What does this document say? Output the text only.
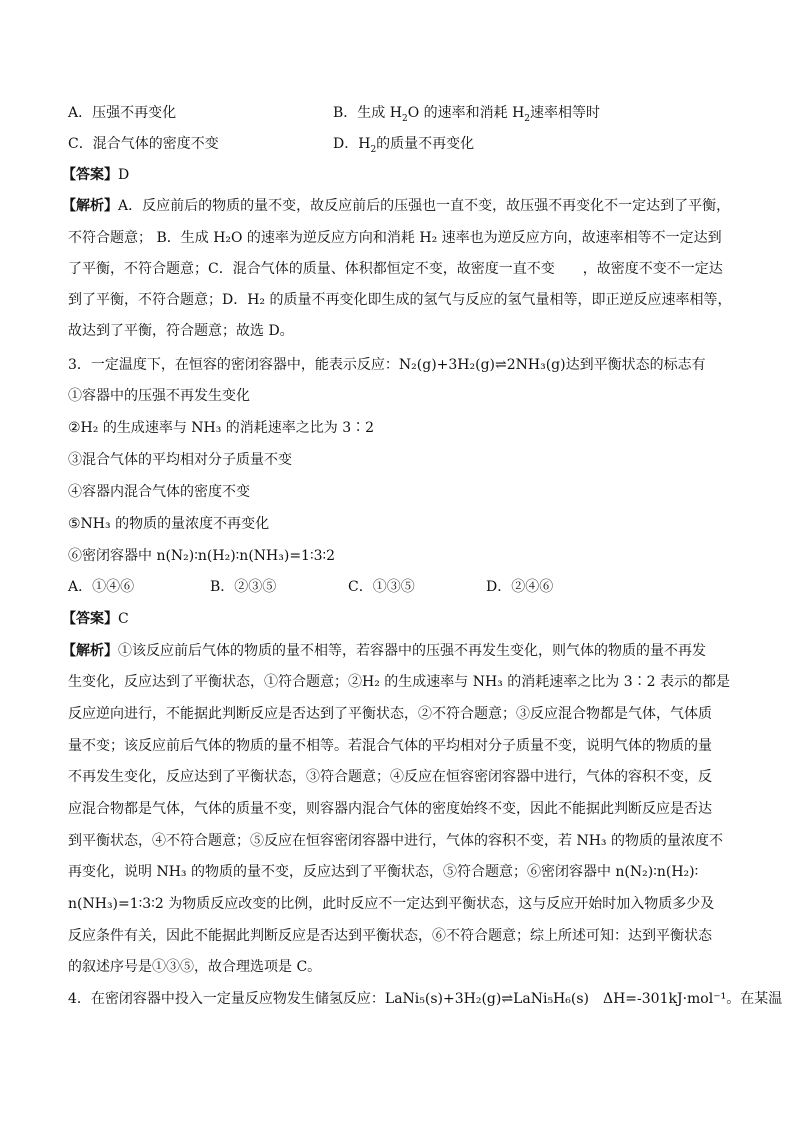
A．压强不再变化	B．生成 $H_2O$ 的速率和消耗 $H_2$速率相等时
C．混合气体的密度不变	D．$H_2$的质量不再变化
【答案】D
【解析】A．反应前后的物质的量不变，故反应前后的压强也一直不变，故压强不再变化不一定达到了平衡，
不符合题意； B．生成 H₂O 的速率为逆反应方向和消耗 H₂ 速率也为逆反应方向，故速率相等不一定达到
了平衡，不符合题意；C．混合气体的质量、体积都恒定不变，故密度一直不变　　，故密度不变不一定达
到了平衡，不符合题意；D．H₂ 的质量不再变化即生成的氢气与反应的氢气量相等，即正逆反应速率相等，
故达到了平衡，符合题意；故选 D。
3．一定温度下，在恒容的密闭容器中，能表示反应：N₂(g)+3H₂(g)⇌2NH₃(g)达到平衡状态的标志有
①容器中的压强不再发生变化
②H₂ 的生成速率与 NH₃ 的消耗速率之比为 3∶2
③混合气体的平均相对分子质量不变
④容器内混合气体的密度不变
⑤NH₃ 的物质的量浓度不再变化
⑥密闭容器中 n(N₂)∶n(H₂)∶n(NH₃)=1∶3∶2
A．①④⑥	B．②③⑤	C．①③⑤	D．②④⑥
【答案】C
【解析】①该反应前后气体的物质的量不相等，若容器中的压强不再发生变化，则气体的物质的量不再发
生变化，反应达到了平衡状态，①符合题意；②H₂ 的生成速率与 NH₃ 的消耗速率之比为 3∶2 表示的都是
反应逆向进行，不能据此判断反应是否达到了平衡状态，②不符合题意；③反应混合物都是气体，气体质
量不变；该反应前后气体的物质的量不相等。若混合气体的平均相对分子质量不变，说明气体的物质的量
不再发生变化，反应达到了平衡状态，③符合题意；④反应在恒容密闭容器中进行，气体的容积不变，反
应混合物都是气体，气体的质量不变，则容器内混合气体的密度始终不变，因此不能据此判断反应是否达
到平衡状态，④不符合题意；⑤反应在恒容密闭容器中进行，气体的容积不变，若 NH₃ 的物质的量浓度不
再变化，说明 NH₃ 的物质的量不变，反应达到了平衡状态，⑤符合题意；⑥密闭容器中 n(N₂)∶n(H₂)∶
n(NH₃)=1∶3∶2 为物质反应改变的比例，此时反应不一定达到平衡状态，这与反应开始时加入物质多少及
反应条件有关，因此不能据此判断反应是否达到平衡状态，⑥不符合题意；综上所述可知：达到平衡状态
的叙述序号是①③⑤，故合理选项是 C。
4．在密闭容器中投入一定量反应物发生储氢反应：LaNi₅(s)+3H₂(g)⇌LaNi₅H₆(s)　ΔH=-301kJ·mol⁻¹。在某温
